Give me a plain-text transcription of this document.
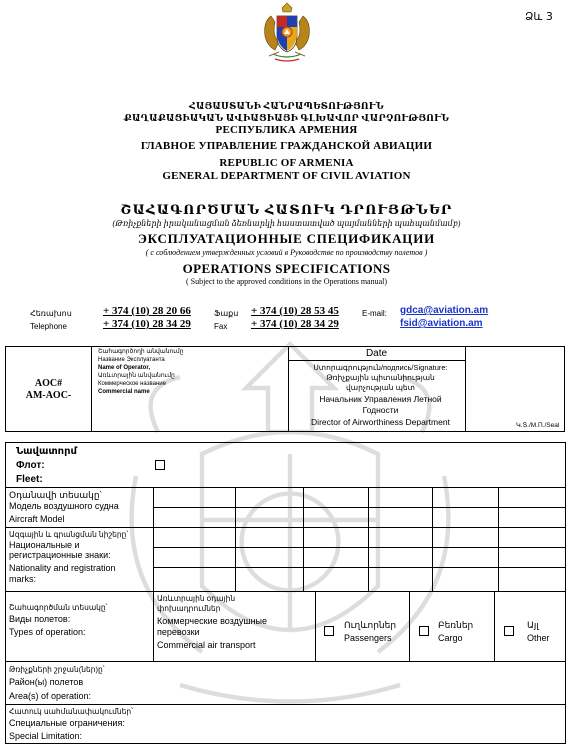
Ձև 3
ՀԱՅԱՍՏԱՆԻ ՀԱՆՐԱՊԵՏՈՒԹՅՈՒՆ
ՔԱՂԱՔԱՑԻԱԿԱՆ ԱՎԻԱՑԻԱՅԻ ԳԼԽԱՎՈՐ ՎԱՐՉՈՒԹՅՈՒՆ
РЕСПУБЛИКА АРМЕНИЯ
ГЛАВНОЕ УПРАВЛЕНИЕ ГРАЖДАНСКОЙ АВИАЦИИ
REPUBLIC OF ARMENIA
GENERAL DEPARTMENT OF CIVIL AVIATION
ՇԱՀԱԳՈՐԾՄԱՆ ՀԱՏՈՒԿ ԴՐՈՒՅԹՆԵՐ
(Թռիչքների իրականացման ձեռնարկի հաստատված պայմանների պահպանմամբ)
ЭКСПЛУАТАЦИОННЫЕ СПЕЦИФИКАЦИИ
( с соблюдением утвержденных условий в Руководстве по производству полетов )
OPERATIONS SPECIFICATIONS
( Subject to the approved conditions in the Operations manual)
Հեռախոս
Telephone
+ 374 (10) 28 20 66
+ 374 (10) 28 34 29
Ֆաքս
Fax
+ 374 (10) 28 53 45
+ 374 (10) 28 34 29
E-mail: gdca@aviation.am
fsid@aviation.am
AOC#
AM-AOC-
Շահագործողի անվանումը
Название Эксплуатанта
Name of Operator,
Առևտրային անվանումը
Коммерческое название
Commercial name
Date
Ստորագրություն/подпись/Signature:
Թռիչքային պիտանիության
վարչության պետ
Начальник Управления Летной
Годности
Director of Airworthiness Department	Կ.Տ./М.П./Seal
Նավատորմ
Флот:
Fleet:
Օդանավի տեսակը՝
Модель воздушного судна
Aircraft Model
Ազգային և գրանցման նիշերը՝
Национальные и
регистрационные знаки:
Nationality and registration
marks:
Շահագործման տեսակը՝
Виды полетов:
Types of operation:
Առևտրային օդային
փոխադրումներ
Коммерческие воздушные
перевозки
Commercial air transport
Ուղևորներ
Passengers
Բեռներ
Cargo
Այլ
Other
Թռիչքների շրջան(ներ)ը՝
Район(ы) полетов
Area(s) of operation:
Հատուկ սահմանափակումներ՝
Специальные ограничения:
Special Limitation:
